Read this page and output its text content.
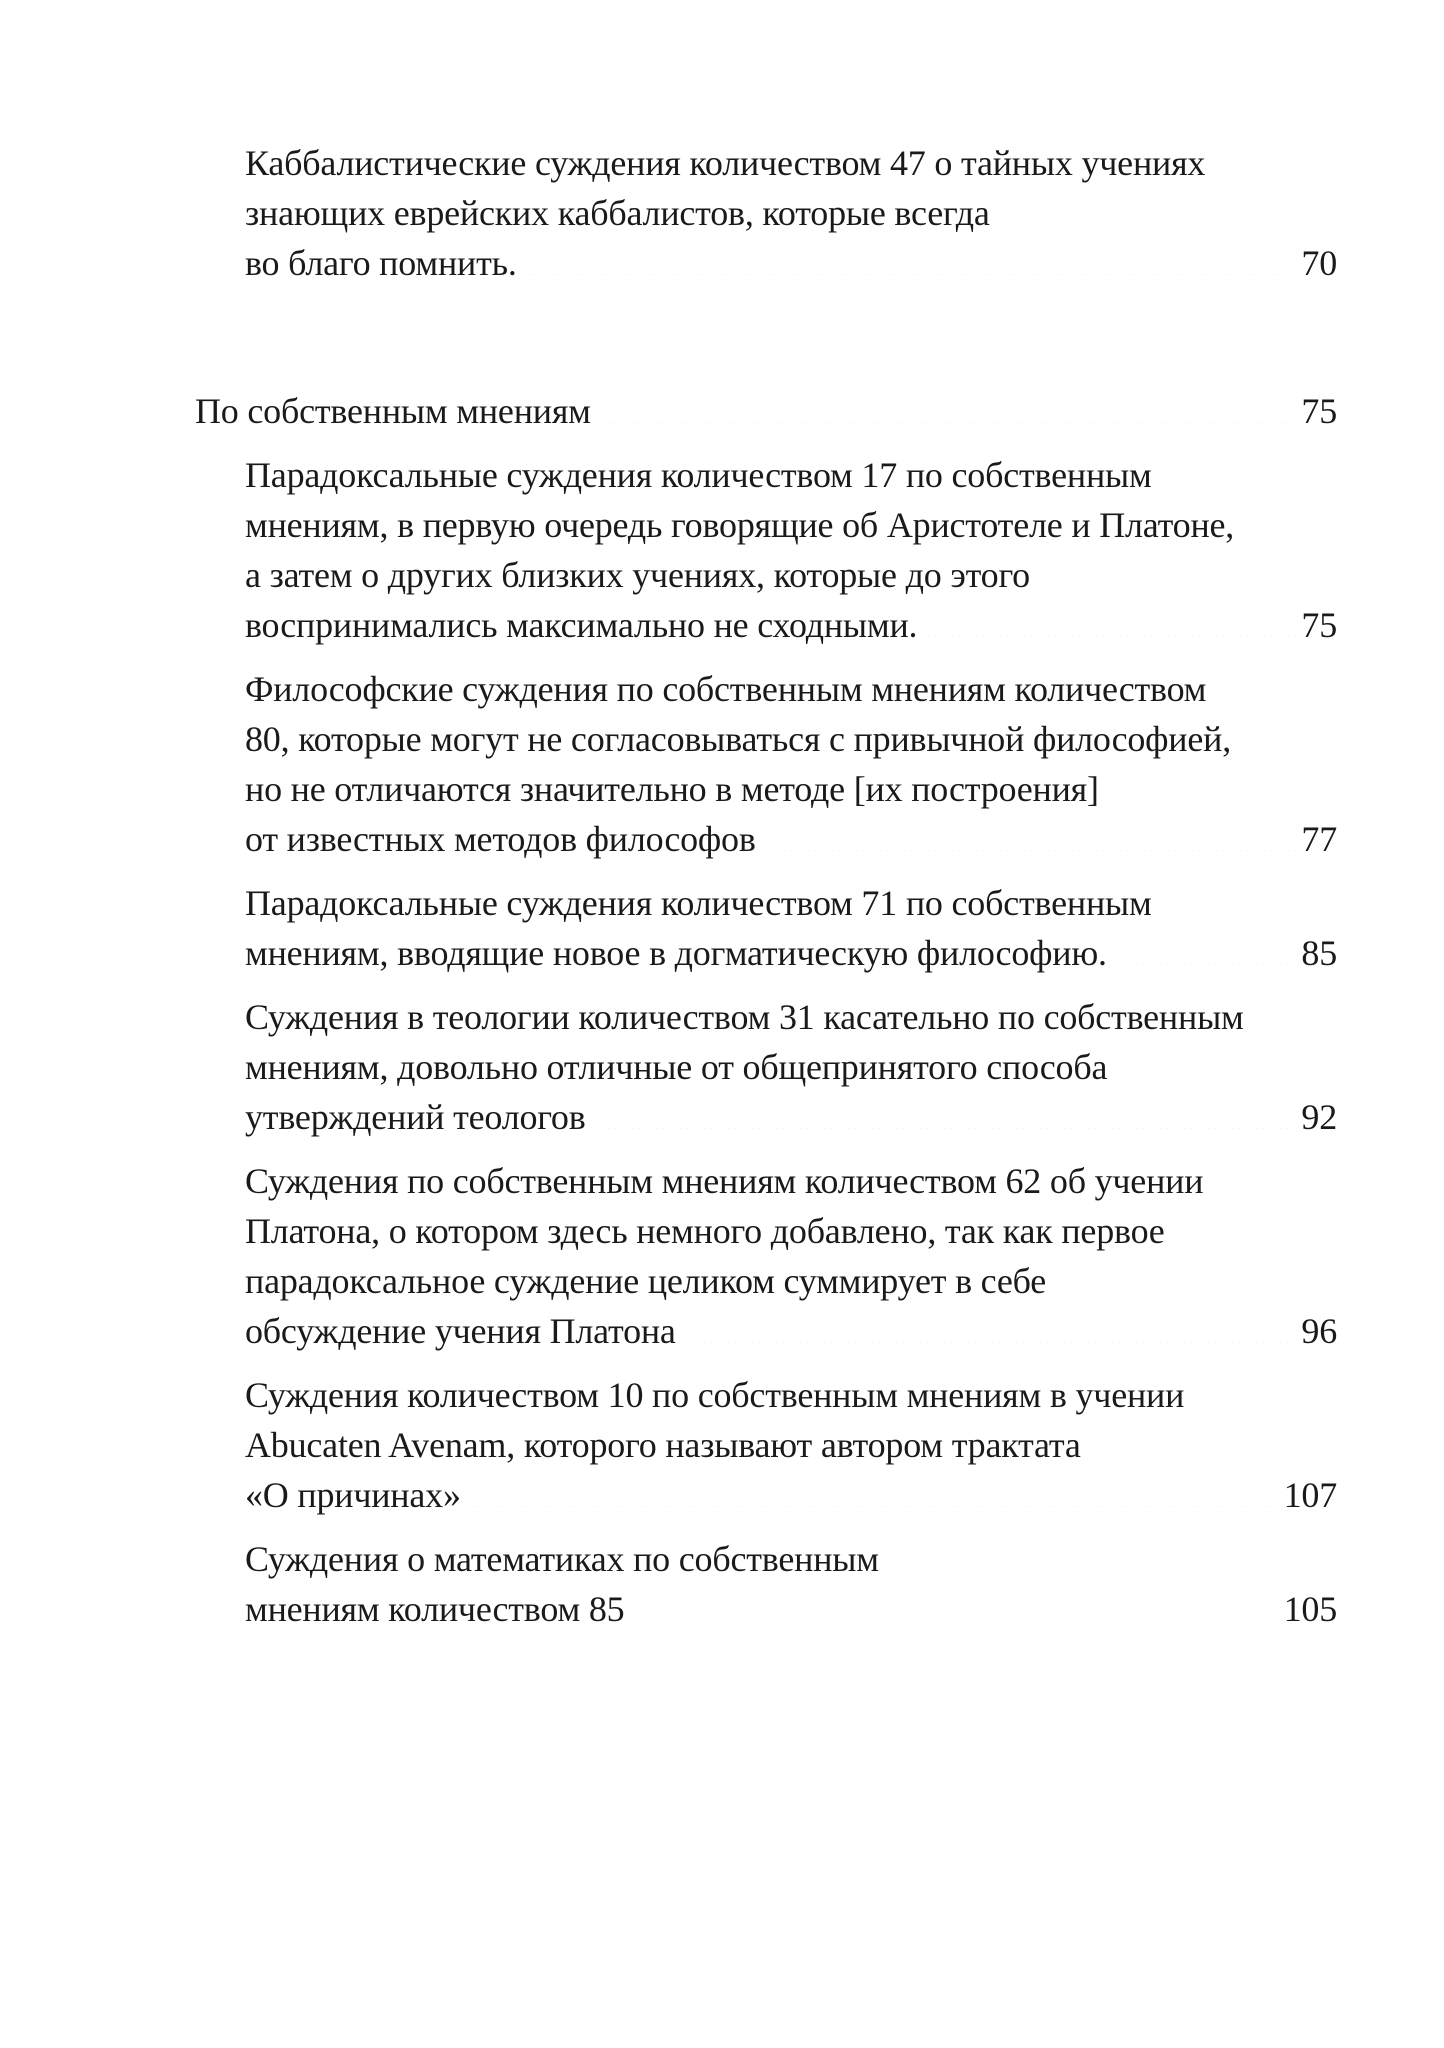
Каббалистические суждения количеством 47 о тайных учениях
знающих еврейских каббалистов, которые всегда
во благо помнить. . . .	70
По собственным мнениям . . .	75
Парадоксальные суждения количеством 17 по собственным
мнениям, в первую очередь говорящие об Аристотеле и Платоне,
а затем о других близких учениях, которые до этого
воспринимались максимально не сходными. . . .	75
Философские суждения по собственным мнениям количеством
80, которые могут не согласовываться с привычной философией,
но не отличаются значительно в методе [их построения]
от известных методов философов . . .	77
Парадоксальные суждения количеством 71 по собственным
мнениям, вводящие новое в догматическую философию. . . .	85
Суждения в теологии количеством 31 касательно по собственным
мнениям, довольно отличные от общепринятого способа
утверждений теологов . . .	92
Суждения по собственным мнениям количеством 62 об учении
Платона, о котором здесь немного добавлено, так как первое
парадоксальное суждение целиком суммирует в себе
обсуждение учения Платона . . .	96
Суждения количеством 10 по собственным мнениям в учении
Abucaten Avenam, которого называют автором трактата
«О причинах» . . .	107
Суждения о математиках по собственным
мнениям количеством 85 . . .	105
